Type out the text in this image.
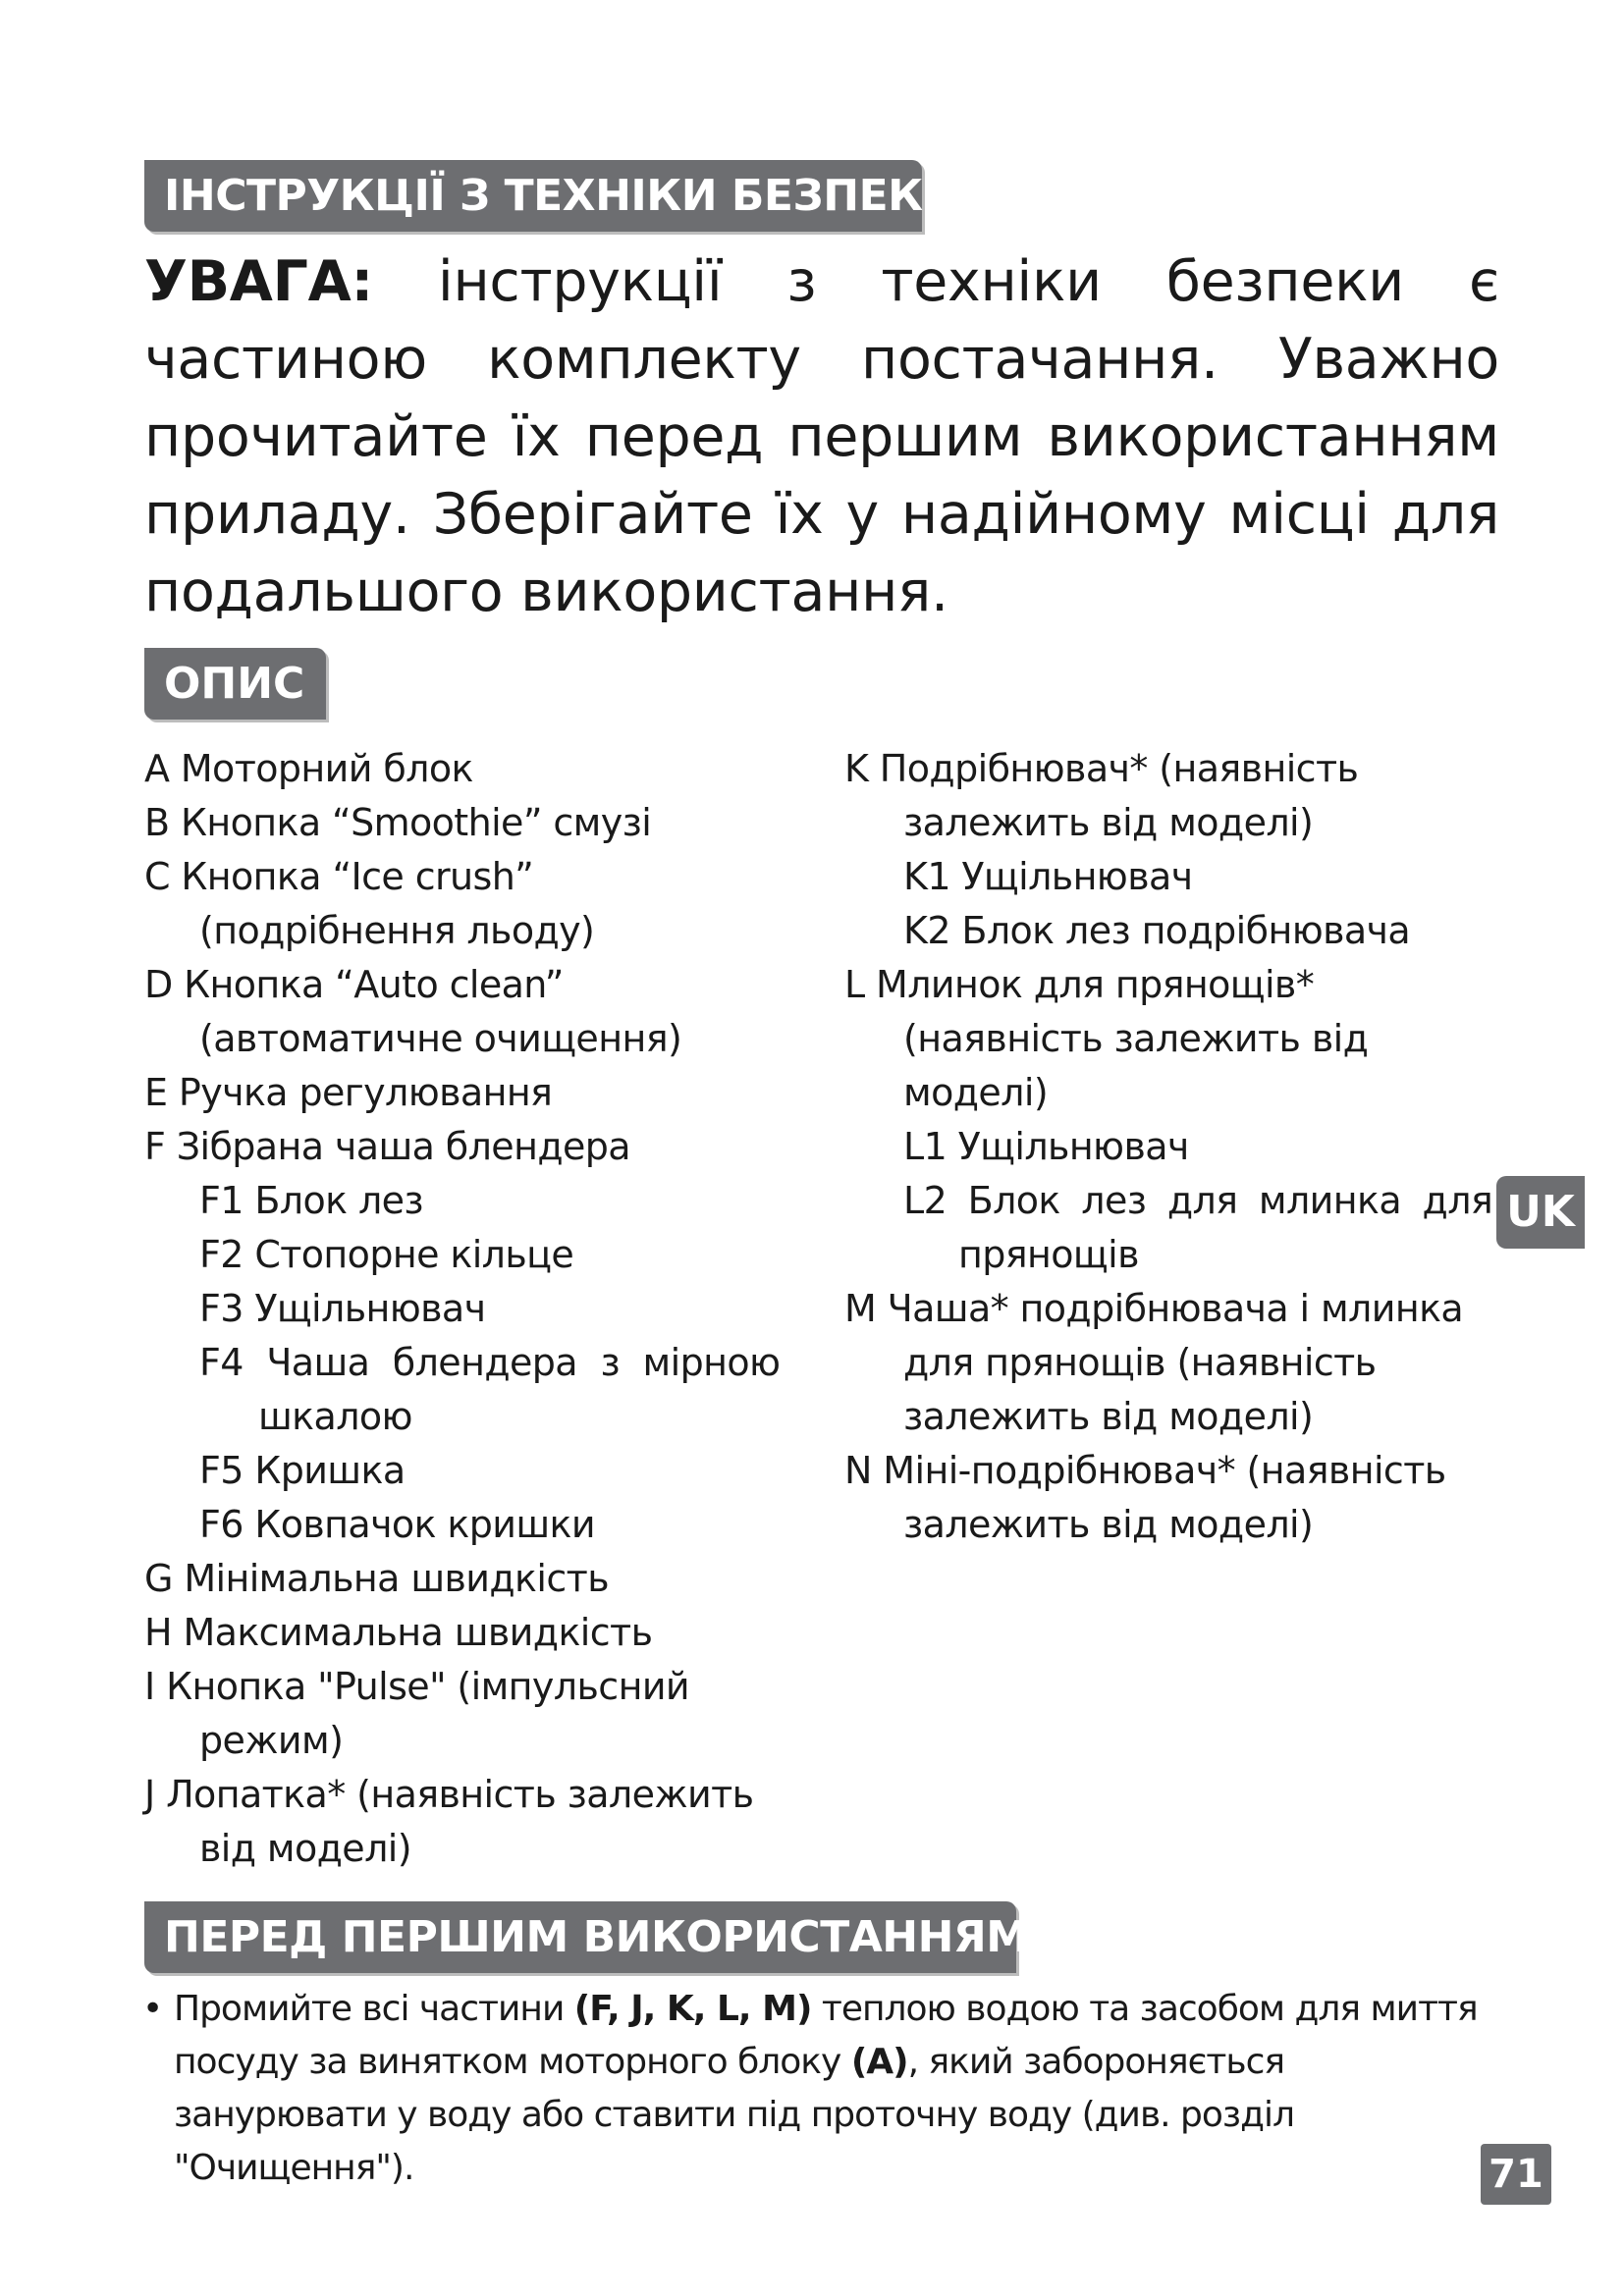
ІНСТРУКЦІЇ З ТЕХНІКИ БЕЗПЕКИ
УВАГА: інструкції з техніки безпеки є частиною комплекту постачання. Уважно прочитайте їх перед першим використанням приладу. Зберігайте їх у надійному місці для подальшого використання.
ОПИС
A Моторний блок
B Кнопка “Smoothie” смузі
C Кнопка “Ice crush”
(подрібнення льоду)
D Кнопка “Auto clean”
(автоматичне очищення)
E Ручка регулювання
F Зібрана чаша блендера
F1 Блок лез
F2 Стопорне кільце
F3 Ущільнювач
F4 Чаша блендера з мірною
шкалою
F5 Кришка
F6 Ковпачок кришки
G Мінімальна швидкість
H Максимальна швидкість
I Кнопка "Pulse" (імпульсний
режим)
J Лопатка* (наявність залежить
від моделі)
K Подрібнювач* (наявність
залежить від моделі)
K1 Ущільнювач
K2 Блок лез подрібнювача
L Млинок для прянощів*
(наявність залежить від
моделі)
L1 Ущільнювач
L2 Блок лез для млинка для
прянощів
M Чаша* подрібнювача і млинка
для прянощів (наявність
залежить від моделі)
N Міні-подрібнювач* (наявність
залежить від моделі)
UK
ПЕРЕД ПЕРШИМ ВИКОРИСТАННЯМ
• Промийте всі частини (F, J, K, L, M) теплою водою та засобом для миття посуду за винятком моторного блоку (A), який забороняється занурювати у воду або ставити під проточну воду (див. розділ "Очищення").	71
